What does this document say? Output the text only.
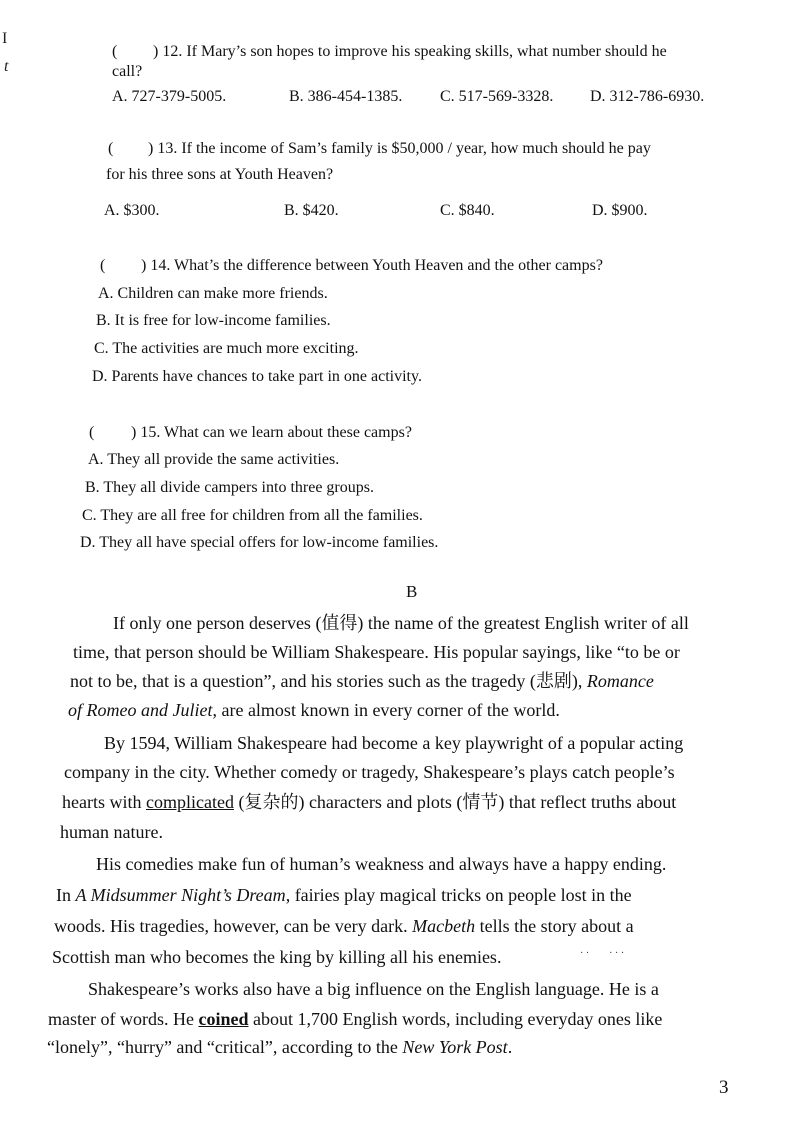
I
t
( ) 12. If Mary’s son hopes to improve his speaking skills, what number should he
call?
A. 727-379-5005.	B. 386-454-1385. C. 517-569-3328. D. 312-786-6930.
( ) 13. If the income of Sam’s family is $50,000 / year, how much should he pay
for his three sons at Youth Heaven?
A. $300.	B. $420.	C. $840.	D. $900.
( ) 14. What’s the difference between Youth Heaven and the other camps?
A. Children can make more friends.
B. It is free for low-income families.
C. The activities are much more exciting.
D. Parents have chances to take part in one activity.
( ) 15. What can we learn about these camps?
A. They all provide the same activities.
B. They all divide campers into three groups.
C. They are all free for children from all the families.
D. They all have special offers for low-income families.
B
If only one person deserves (值得) the name of the greatest English writer of all
time, that person should be William Shakespeare. His popular sayings, like “to be or
not to be, that is a question”, and his stories such as the tragedy (悲剧), Romance
of Romeo and Juliet, are almost known in every corner of the world.
By 1594, William Shakespeare had become a key playwright of a popular acting
company in the city. Whether comedy or tragedy, Shakespeare’s plays catch people’s
hearts with complicated (复杂的) characters and plots (情节) that reflect truths about
human nature.
His comedies make fun of human’s weakness and always have a happy ending.
In A Midsummer Night’s Dream, fairies play magical tricks on people lost in the
woods. His tragedies, however, can be very dark. Macbeth tells the story about a
Scottish man who becomes the king by killing all his enemies.	· ·        · · ·
Shakespeare’s works also have a big influence on the English language. He is a
master of words. He coined about 1,700 English words, including everyday ones like
“lonely”, “hurry” and “critical”, according to the New York Post.
3
